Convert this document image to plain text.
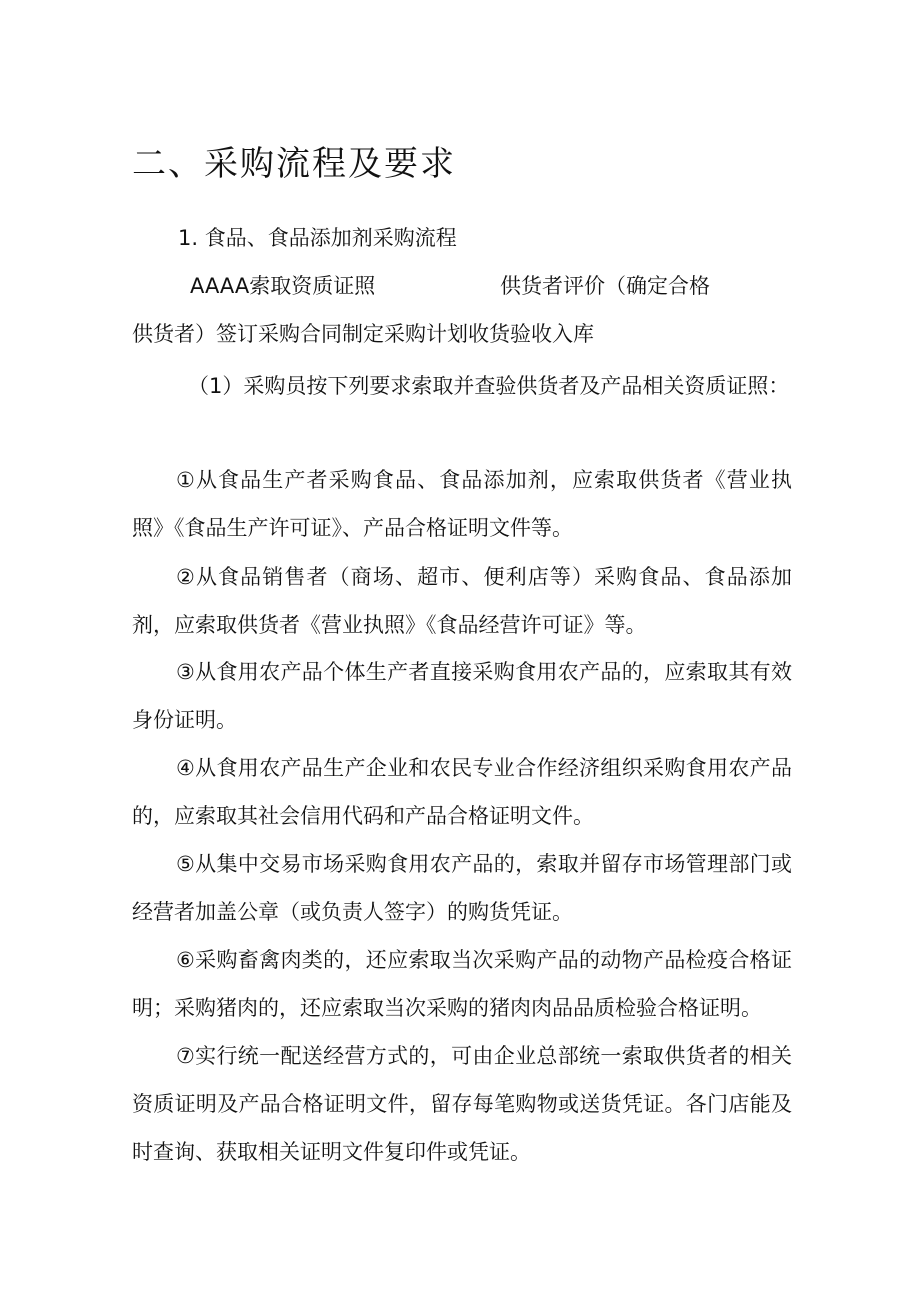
二、采购流程及要求
1. 食品、食品添加剂采购流程
AAAA索取资质证照	供货者评价（确定合格
供货者）签订采购合同制定采购计划收货验收入库

（1）采购员按下列要求索取并查验供货者及产品相关资质证照：

①从食品生产者采购食品、食品添加剂，应索取供货者《营业执照》《食品生产许可证》、产品合格证明文件等。

②从食品销售者（商场、超市、便利店等）采购食品、食品添加剂，应索取供货者《营业执照》《食品经营许可证》等。

③从食用农产品个体生产者直接采购食用农产品的，应索取其有效身份证明。

④从食用农产品生产企业和农民专业合作经济组织采购食用农产品的，应索取其社会信用代码和产品合格证明文件。

⑤从集中交易市场采购食用农产品的，索取并留存市场管理部门或经营者加盖公章（或负责人签字）的购货凭证。

⑥采购畜禽肉类的，还应索取当次采购产品的动物产品检疫合格证明；采购猪肉的，还应索取当次采购的猪肉肉品品质检验合格证明。

⑦实行统一配送经营方式的，可由企业总部统一索取供货者的相关资质证明及产品合格证明文件，留存每笔购物或送货凭证。各门店能及时查询、获取相关证明文件复印件或凭证。
